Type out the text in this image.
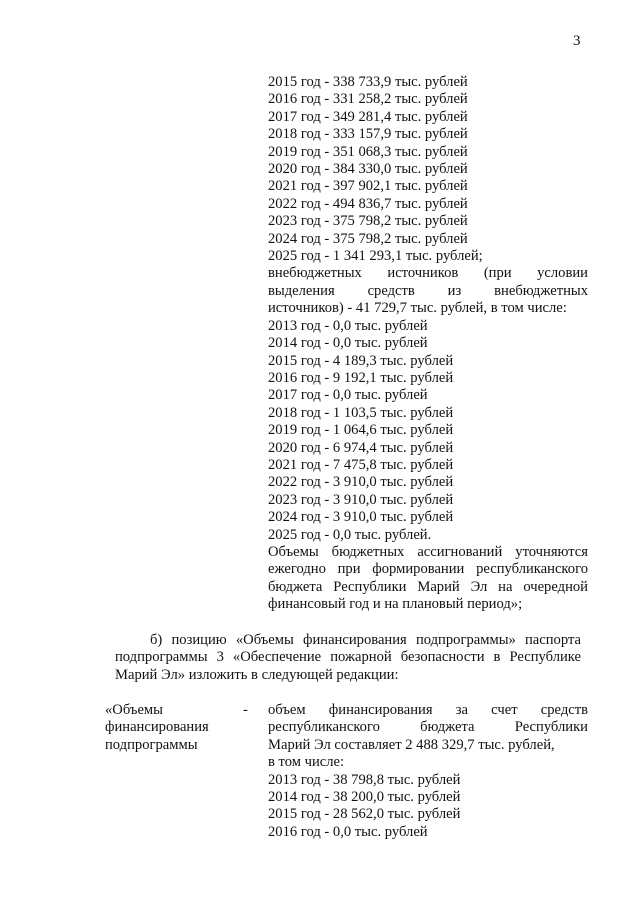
3
2015 год - 338 733,9 тыс. рублей
2016 год - 331 258,2 тыс. рублей
2017 год - 349 281,4 тыс. рублей
2018 год - 333 157,9 тыс. рублей
2019 год - 351 068,3 тыс. рублей
2020 год - 384 330,0 тыс. рублей
2021 год - 397 902,1 тыс. рублей
2022 год - 494 836,7 тыс. рублей
2023 год - 375 798,2 тыс. рублей
2024 год - 375 798,2 тыс. рублей
2025 год - 1 341 293,1 тыс. рублей;
внебюджетных источников (при условии
выделения средств из внебюджетных
источников) - 41 729,7 тыс. рублей, в том числе:
2013 год - 0,0 тыс. рублей
2014 год - 0,0 тыс. рублей
2015 год - 4 189,3 тыс. рублей
2016 год - 9 192,1 тыс. рублей
2017 год - 0,0 тыс. рублей
2018 год - 1 103,5 тыс. рублей
2019 год - 1 064,6 тыс. рублей
2020 год - 6 974,4 тыс. рублей
2021 год - 7 475,8 тыс. рублей
2022 год - 3 910,0 тыс. рублей
2023 год - 3 910,0 тыс. рублей
2024 год - 3 910,0 тыс. рублей
2025 год - 0,0 тыс. рублей.
Объемы бюджетных ассигнований уточняются
ежегодно при формировании республиканского
бюджета Республики Марий Эл на очередной
финансовый год и на плановый период»;
б) позицию «Объемы финансирования подпрограммы» паспорта
подпрограммы 3 «Обеспечение пожарной безопасности в Республике
Марий Эл» изложить в следующей редакции:
«Объемы
финансирования
подпрограммы
- объем финансирования за счет средств
республиканского бюджета Республики
Марий Эл составляет 2 488 329,7 тыс. рублей,
в том числе:
2013 год - 38 798,8 тыс. рублей
2014 год - 38 200,0 тыс. рублей
2015 год - 28 562,0 тыс. рублей
2016 год - 0,0 тыс. рублей
